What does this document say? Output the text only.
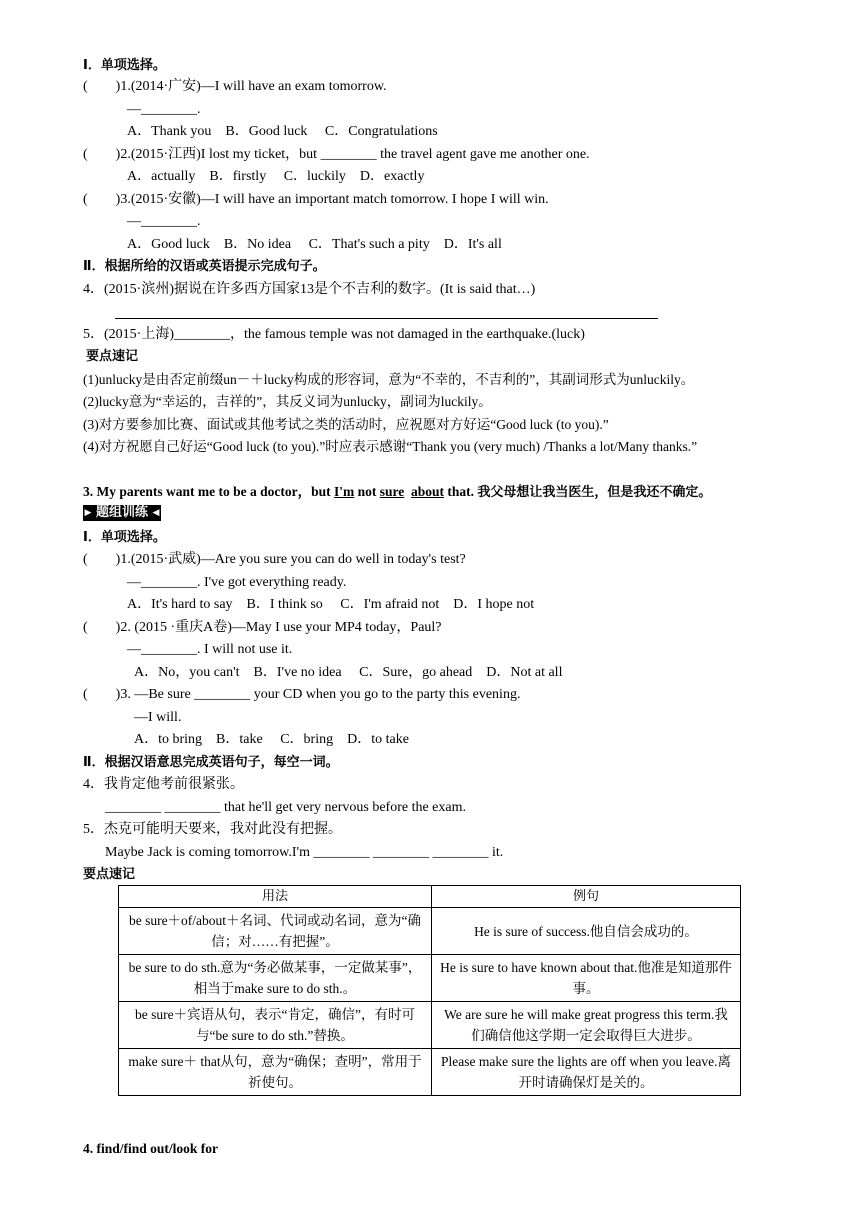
Ⅰ．单项选择。
(　　)1.(2014·广安)—I will have an exam tomorrow.
—________.
A．Thank you　B．Good luck　 C．Congratulations
(　　)2.(2015·江西)I lost my ticket，but ________ the travel agent gave me another one.
A．actually　B．firstly　 C．luckily　D．exactly
(　　)3.(2015·安徽)—I will have an important match tomorrow. I hope I will win.
—________.
A．Good luck　B．No idea　 C．That's such a pity　D．It's all
Ⅱ．根据所给的汉语或英语提示完成句子。
4．(2015·滨州)据说在许多西方国家13是个不吉利的数字。(It is said that…)
5．(2015·上海)________，the famous temple was not damaged in the earthquake.(luck)
要点速记
(1)unlucky是由否定前缀un－＋lucky构成的形容词，意为“不幸的，不吉利的”，其副词形式为unluckily。
(2)lucky意为“幸运的，吉祥的”，其反义词为unlucky，副词为luckily。
(3)对方要参加比赛、面试或其他考试之类的活动时，应祝愿对方好运“Good luck (to you).”
(4)对方祝愿自己好运“Good luck (to you).”时应表示感谢“Thank you (very much) /Thanks a lot/Many thanks.”
3. My parents want me to be a doctor，but I'm not sure about that. 我父母想让我当医生，但是我还不确定。
▶ 题组训练 ◀
Ⅰ．单项选择。
(　　)1.(2015·武威)—Are you sure you can do well in today's test?
—________. I've got everything ready.
A．It's hard to say　B．I think so　 C．I'm afraid not　D．I hope not
(　　)2. (2015 ·重庆A卷)—May I use your MP4 today，Paul?
—________. I will not use it.
A．No，you can't　B．I've no idea　 C．Sure，go ahead　D．Not at all
(　　)3. —Be sure ________ your CD when you go to the party this evening.
—I will.
A．to bring　B．take　 C．bring　D．to take
Ⅱ．根据汉语意思完成英语句子，每空一词。
4．我肯定他考前很紧张。
________ ________ that he'll get very nervous before the exam.
5．杰克可能明天要来，我对此没有把握。
Maybe Jack is coming tomorrow.I'm ________ ________ ________ it.
要点速记
用法	例句
be sure＋of/about＋名词、代词或动名词，意为“确信；对……有把握”。	He is sure of success.他自信会成功的。
be sure to do sth.意为“务必做某事，一定做某事”，相当于make sure to do sth.。	He is sure to have known about that.他准是知道那件事。
be sure＋宾语从句，表示“肯定，确信”，有时可与“be sure to do sth.”替换。	We are sure he will make great progress this term.我们确信他这学期一定会取得巨大进步。
make sure＋ that从句，意为“确保；查明”，常用于祈使句。	Please make sure the lights are off when you leave.离开时请确保灯是关的。
4. find/find out/look for
